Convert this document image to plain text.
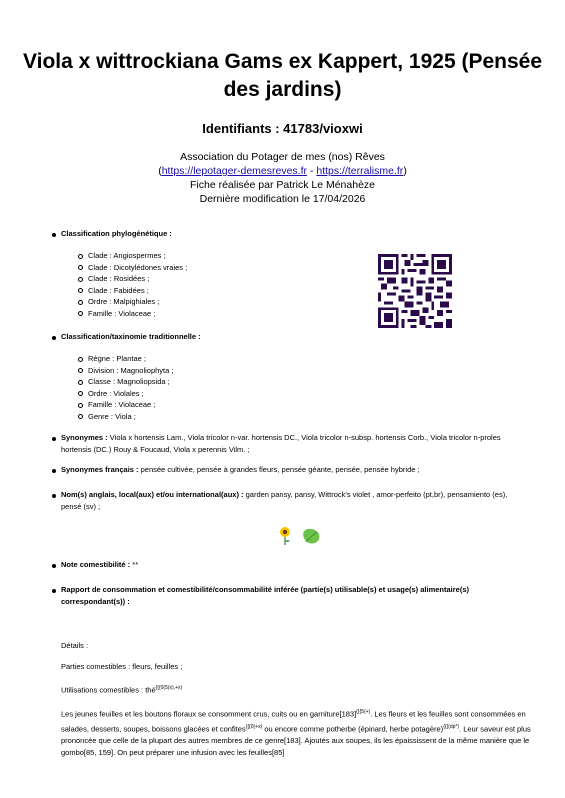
Viola x wittrockiana Gams ex Kappert, 1925 (Pensée des jardins)
Identifiants : 41783/vioxwi
Association du Potager de mes (nos) Rêves
(https://lepotager-demesreves.fr - https://terralisme.fr)
Fiche réalisée par Patrick Le Ménahèze
Dernière modification le 17/04/2026
Classification phylogénétique :
Clade : Angiospermes ;
Clade : Dicotylédones vraies ;
Clade : Rosidées ;
Clade : Fabidées ;
Ordre : Malpighiales ;
Famille : Violaceae ;
Classification/taxinomie traditionnelle :
Règne : Plantae ;
Division : Magnoliophyta ;
Classe : Magnoliopsida ;
Ordre : Violales ;
Famille : Violaceae ;
Genre : Viola ;
Synonymes : Viola x hortensis Lam., Viola tricolor n-var. hortensis DC., Viola tricolor n-subsp. hortensis Corb., Viola tricolor n-proles hortensis (DC.) Rouy & Foucaud, Viola x perennis Vilm. ;
Synonymes français : pensée cultivée, pensée à grandes fleurs, pensée géante, pensée, pensée hybride ;
Nom(s) anglais, local(aux) et/ou international(aux) : garden pansy, pansy, Wittrock's violet , amor-perfeito (pt,br), pensamiento (es), pensé (sv) ;
Note comestibilité : **
Rapport de consommation et comestibilité/consommabilité inférée (partie(s) utilisable(s) et usage(s) alimentaire(s) correspondant(s)) :
Détails :
Parties comestibles : fleurs, feuilles ;
Utilisations comestibles : thé$^{\{\{\{0(5(x),+x)}$
Les jeunes feuilles et les boutons floraux se consomment crus, cuits ou en $garniture[183]^{\{\{\{5(+)}$. Les fleurs et les feuilles sont consommées en salades, desserts, soupes, boissons glacées et confites$^{\{\{\{0(+x)}$ ou encore comme potherbe (épinard, herbe potagère)$^{\{\{\{(dp*)}$. Leur saveur est plus prononcée que celle de la plupart des autres membres de ce genre[183]. Ajoutés aux soupes, ils les épaississent de la même manière que le gombo[85, 159]. On peut préparer une infusion avec les feuilles[85]
